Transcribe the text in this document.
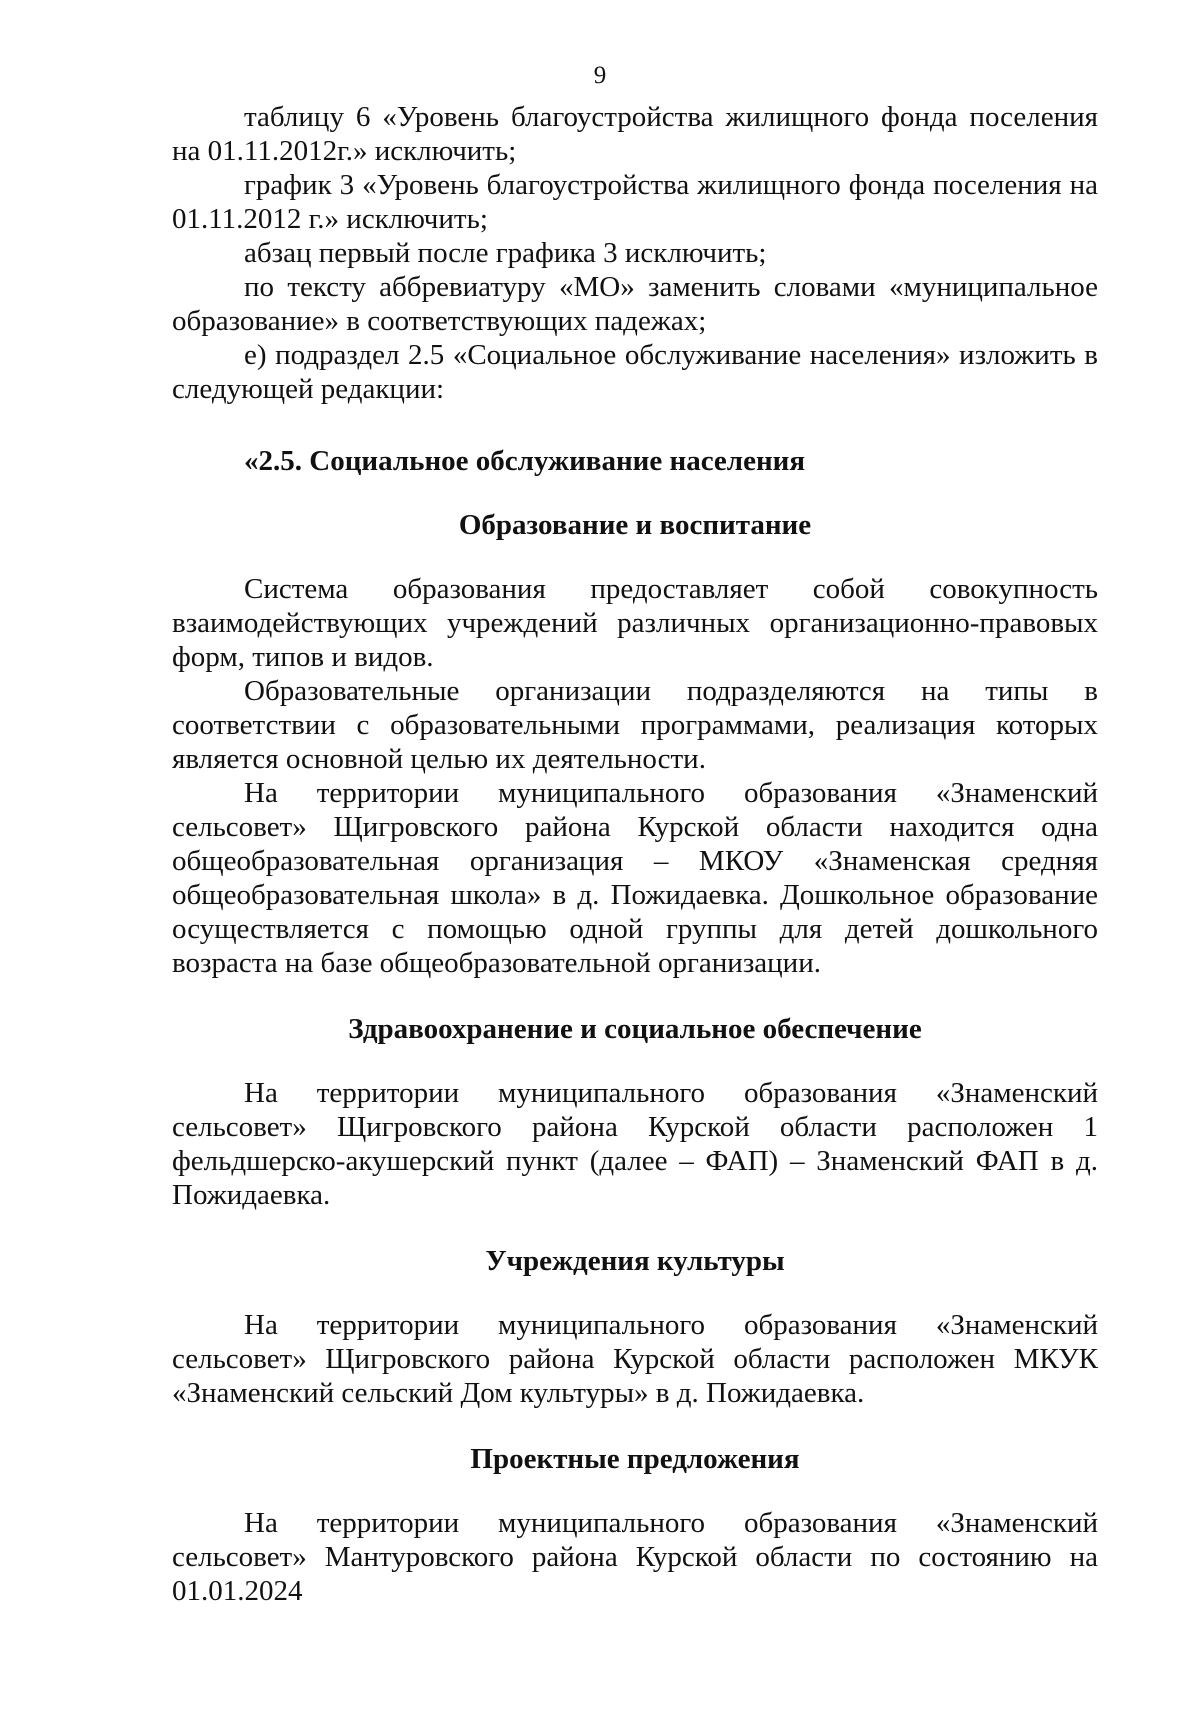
9

таблицу 6 «Уровень благоустройства жилищного фонда поселения на 01.11.2012г.» исключить;

график 3 «Уровень благоустройства жилищного фонда поселения на 01.11.2012 г.» исключить;

абзац первый после графика 3 исключить;

по тексту аббревиатуру «МО» заменить словами «муниципальное образование» в соответствующих падежах;

е) подраздел 2.5 «Социальное обслуживание населения» изложить в следующей редакции:

«2.5. Социальное обслуживание населения

Образование и воспитание

Система образования предоставляет собой совокупность взаимодействующих учреждений различных организационно-правовых форм, типов и видов.

Образовательные организации подразделяются на типы в соответствии с образовательными программами, реализация которых является основной целью их деятельности.

На территории муниципального образования «Знаменский сельсовет» Щигровского района Курской области находится одна общеобразовательная организация – МКОУ «Знаменская средняя общеобразовательная школа» в д. Пожидаевка. Дошкольное образование осуществляется с помощью одной группы для детей дошкольного возраста на базе общеобразовательной организации.

Здравоохранение и социальное обеспечение

На территории муниципального образования «Знаменский сельсовет» Щигровского района Курской области расположен 1 фельдшерско-акушерский пункт (далее – ФАП) – Знаменский ФАП в д. Пожидаевка.

Учреждения культуры

На территории муниципального образования «Знаменский сельсовет» Щигровского района Курской области расположен МКУК «Знаменский сельский Дом культуры» в д. Пожидаевка.

Проектные предложения

На территории муниципального образования «Знаменский сельсовет» Мантуровского района Курской области по состоянию на 01.01.2024
